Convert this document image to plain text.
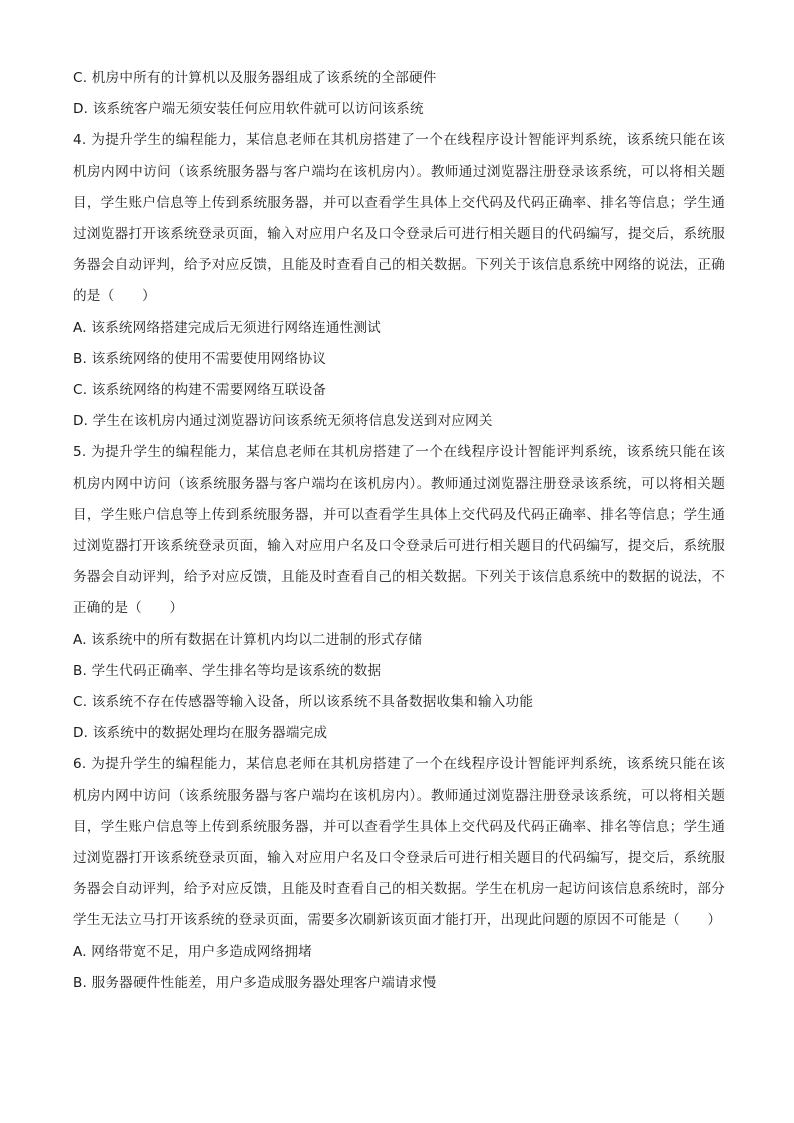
C. 机房中所有的计算机以及服务器组成了该系统的全部硬件
D. 该系统客户端无须安装任何应用软件就可以访问该系统
4. 为提升学生的编程能力，某信息老师在其机房搭建了一个在线程序设计智能评判系统，该系统只能在该机房内网中访问（该系统服务器与客户端均在该机房内）。教师通过浏览器注册登录该系统，可以将相关题目，学生账户信息等上传到系统服务器，并可以查看学生具体上交代码及代码正确率、排名等信息；学生通过浏览器打开该系统登录页面，输入对应用户名及口令登录后可进行相关题目的代码编写，提交后，系统服务器会自动评判，给予对应反馈，且能及时查看自己的相关数据。下列关于该信息系统中网络的说法，正确的是（　　）
A. 该系统网络搭建完成后无须进行网络连通性测试
B. 该系统网络的使用不需要使用网络协议
C. 该系统网络的构建不需要网络互联设备
D. 学生在该机房内通过浏览器访问该系统无须将信息发送到对应网关
5. 为提升学生的编程能力，某信息老师在其机房搭建了一个在线程序设计智能评判系统，该系统只能在该机房内网中访问（该系统服务器与客户端均在该机房内）。教师通过浏览器注册登录该系统，可以将相关题目，学生账户信息等上传到系统服务器，并可以查看学生具体上交代码及代码正确率、排名等信息；学生通过浏览器打开该系统登录页面，输入对应用户名及口令登录后可进行相关题目的代码编写，提交后，系统服务器会自动评判，给予对应反馈，且能及时查看自己的相关数据。下列关于该信息系统中的数据的说法，不正确的是（　　）
A. 该系统中的所有数据在计算机内均以二进制的形式存储
B. 学生代码正确率、学生排名等均是该系统的数据
C. 该系统不存在传感器等输入设备，所以该系统不具备数据收集和输入功能
D. 该系统中的数据处理均在服务器端完成
6. 为提升学生的编程能力，某信息老师在其机房搭建了一个在线程序设计智能评判系统，该系统只能在该机房内网中访问（该系统服务器与客户端均在该机房内）。教师通过浏览器注册登录该系统，可以将相关题目，学生账户信息等上传到系统服务器，并可以查看学生具体上交代码及代码正确率、排名等信息；学生通过浏览器打开该系统登录页面，输入对应用户名及口令登录后可进行相关题目的代码编写，提交后，系统服务器会自动评判，给予对应反馈，且能及时查看自己的相关数据。学生在机房一起访问该信息系统时，部分学生无法立马打开该系统的登录页面，需要多次刷新该页面才能打开，出现此问题的原因不可能是（　　）
A. 网络带宽不足，用户多造成网络拥堵
B. 服务器硬件性能差，用户多造成服务器处理客户端请求慢
